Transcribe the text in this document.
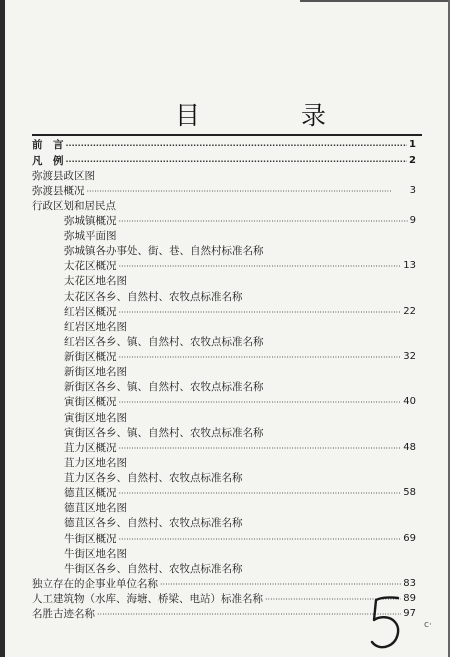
目　录
前　言 ·····	1
凡　例 ·····	2
弥渡县政区图
弥渡县概况 ·····	3
行政区划和居民点
弥城镇概况 ·····	9
弥城平面图
弥城镇各办事处、街、巷、自然村标准名称
太花区概况 ·····	13
太花区地名图
太花区各乡、自然村、农牧点标准名称
红岩区概况 ·····	22
红岩区地名图
红岩区各乡、镇、自然村、农牧点标准名称
新街区概况 ·····	32
新街区地名图
新街区各乡、镇、自然村、农牧点标准名称
寅街区概况 ·····	40
寅街区地名图
寅街区各乡、镇、自然村、农牧点标准名称
苴力区概况 ·····	48
苴力区地名图
苴力区各乡、自然村、农牧点标准名称
德苴区概况 ·····	58
德苴区地名图
德苴区各乡、自然村、农牧点标准名称
牛街区概况 ·····	69
牛街区地名图
牛街区各乡、自然村、农牧点标准名称
独立存在的企事业单位名称 ·····	83
人工建筑物（水库、海塘、桥梁、电站）标准名称 ·····	89
名胜古迹名称 ·····	97
c·
